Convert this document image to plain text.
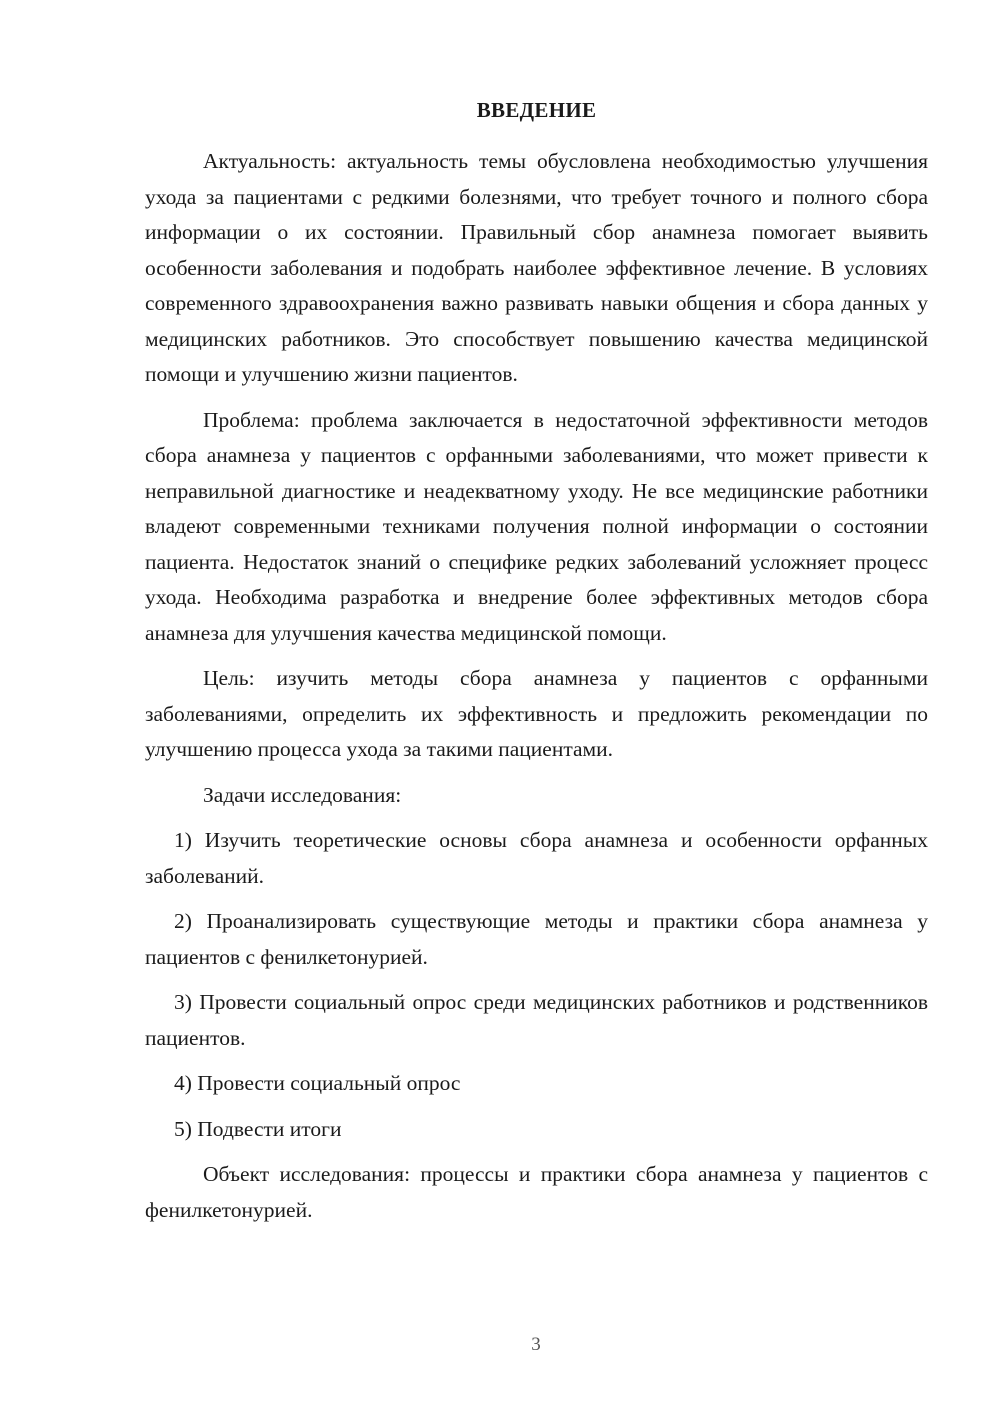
ВВЕДЕНИЕ

Актуальность: актуальность темы обусловлена необходимостью улучшения ухода за пациентами с редкими болезнями, что требует точного и полного сбора информации о их состоянии. Правильный сбор анамнеза помогает выявить особенности заболевания и подобрать наиболее эффективное лечение. В условиях современного здравоохранения важно развивать навыки общения и сбора данных у медицинских работников. Это способствует повышению качества медицинской помощи и улучшению жизни пациентов.

Проблема: проблема заключается в недостаточной эффективности методов сбора анамнеза у пациентов с орфанными заболеваниями, что может привести к неправильной диагностике и неадекватному уходу. Не все медицинские работники владеют современными техниками получения полной информации о состоянии пациента. Недостаток знаний о специфике редких заболеваний усложняет процесс ухода. Необходима разработка и внедрение более эффективных методов сбора анамнеза для улучшения качества медицинской помощи.

Цель: изучить методы сбора анамнеза у пациентов с орфанными заболеваниями, определить их эффективность и предложить рекомендации по улучшению процесса ухода за такими пациентами.

Задачи исследования:

1) Изучить теоретические основы сбора анамнеза и особенности орфанных заболеваний.

2) Проанализировать существующие методы и практики сбора анамнеза у пациентов с фенилкетонурией.

3) Провести социальный опрос среди медицинских работников и родственников пациентов.

4) Провести социальный опрос

5) Подвести итоги

Объект исследования: процессы и практики сбора анамнеза у пациентов с фенилкетонурией.

3
